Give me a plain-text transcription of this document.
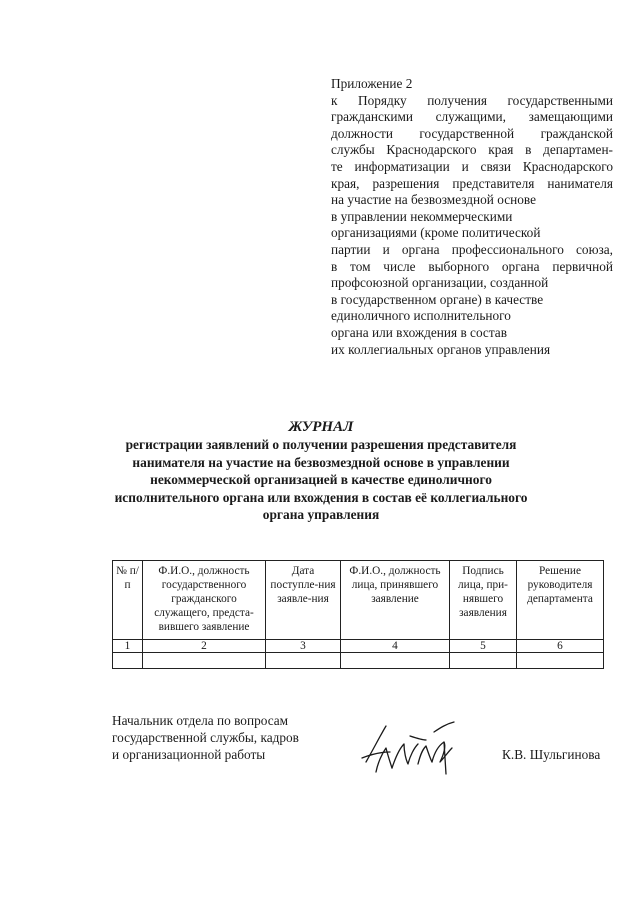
Приложение 2
к Порядку получения государственными
гражданскими служащими, замещающими
должности государственной гражданской
службы Краснодарского края в департамен-
те информатизации и связи Краснодарского
края, разрешения представителя нанимателя
на участие на безвозмездной основе
в управлении некоммерческими
организациями (кроме политической
партии и органа профессионального союза,
в том числе выборного органа первичной
профсоюзной организации, созданной
в государственном органе) в качестве
единоличного исполнительного
органа или вхождения в состав
их коллегиальных органов управления
ЖУРНАЛ
регистрации заявлений о получении разрешения представителя
нанимателя на участие на безвозмездной основе в управлении
некоммерческой организацией в качестве единоличного
исполнительного органа или вхождения в состав её коллегиального
органа управления
№ п/п	Ф.И.О., должность государственного гражданского служащего, предста-вившего заявление	Дата поступле-ния заявле-ния	Ф.И.О., должность лица, принявшего заявление	Подпись лица, при-нявшего заявления	Решение руководителя департамента
1	2	3	4	5	6

Начальник отдела по вопросам
государственной службы, кадров
и организационной работы	К.В. Шульгинова
